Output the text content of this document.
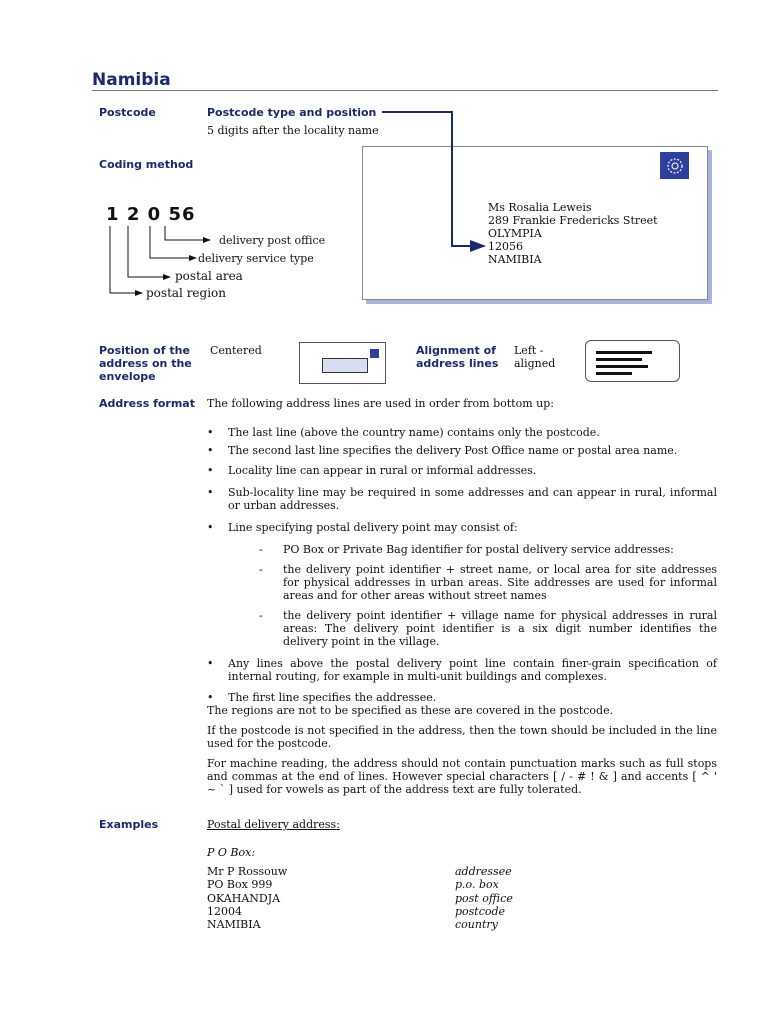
Namibia
Postcode	Postcode type and position
5 digits after the locality name
Coding method
1 2 0 56
delivery post office
delivery service type
postal area
postal region
Ms Rosalia Leweis
289 Frankie Fredericks Street
OLYMPIA
12056
NAMIBIA
Position of the address on the envelope
Centered	Alignment of address lines
Left - aligned
Address format The following address lines are used in order from bottom up:
• The last line (above the country name) contains only the postcode.
• The second last line specifies the delivery Post Office name or postal area name.
• Locality line can appear in rural or informal addresses.
• Sub-locality line may be required in some addresses and can appear in rural, informal or urban addresses.
• Line specifying postal delivery point may consist of:
- PO Box or Private Bag identifier for postal delivery service addresses:
- the delivery point identifier + street name, or local area for site addresses for physical addresses in urban areas. Site addresses are used for informal areas and for other areas without street names
- the delivery point identifier + village name for physical addresses in rural areas: The delivery point identifier is a six digit number identifies the delivery point in the village.
• Any lines above the postal delivery point line contain finer-grain specification of internal routing, for example in multi-unit buildings and complexes.
• The first line specifies the addressee.
The regions are not to be specified as these are covered in the postcode.
If the postcode is not specified in the address, then the town should be included in the line used for the postcode.
For machine reading, the address should not contain punctuation marks such as full stops and commas at the end of lines. However special characters [ / - # ! & ] and accents [ ^ ' ~ ` ] used for vowels as part of the address text are fully tolerated.
Examples	Postal delivery address:
P O Box:
Mr P Rossouw	addressee
PO Box 999	p.o. box
OKAHANDJA	post office
12004	postcode
NAMIBIA	country
